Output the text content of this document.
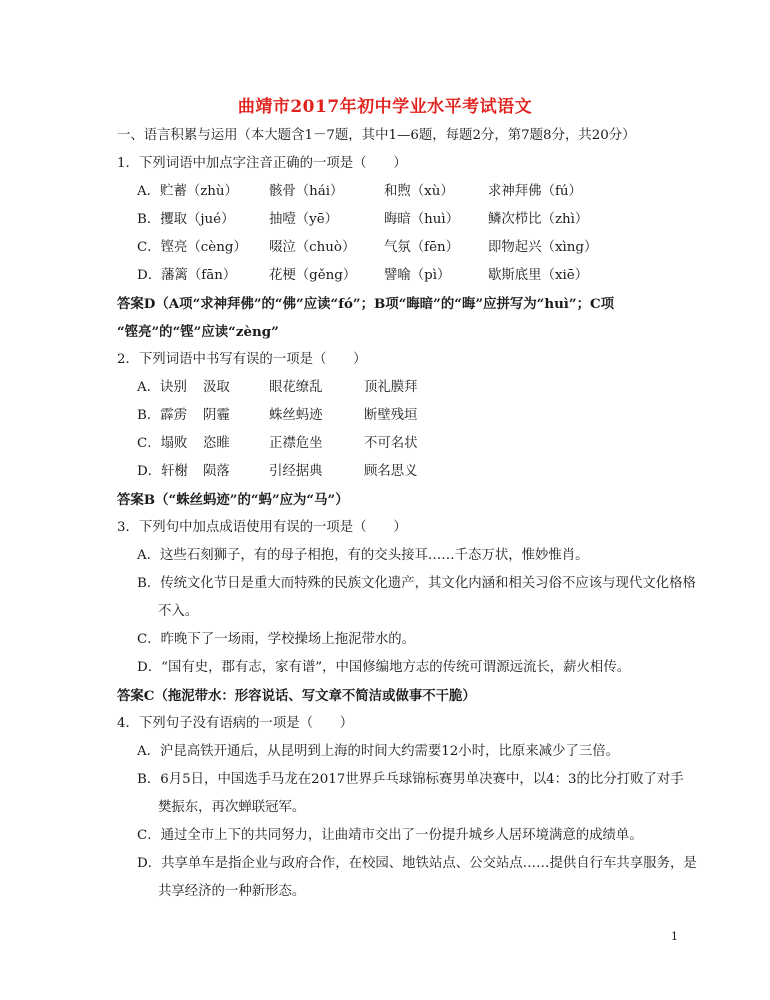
曲靖市2017年初中学业水平考试语文
一、语言积累与运用（本大题含1－7题，其中1—6题，每题2分，第7题8分，共20分）
1．下列词语中加点字注音正确的一项是（　　）
A．贮蓄（zhù） 骸骨（hái）	和煦（xù）	求神拜佛（fú）
B．攫取（jué）	抽噎（yē）	晦暗（huì） 鳞次栉比（zhì）
C．铿亮（cèng） 啜泣（chuò） 气氛（fēn） 即物起兴（xìng）
D．藩篱（fān） 花梗（gěng） 譬喻（pì）	歇斯底里（xiē）
答案D（A项“求神拜佛”的“佛”应读“fó”；B项“晦暗”的“晦”应拼写为“huì”；C项
“铿亮”的“铿”应读“zèng”
2．下列词语中书写有误的一项是（　　）
A．诀别 汲取	眼花缭乱	顶礼膜拜
B．霹雳 阴霾	蛛丝蚂迹	断壁残垣
C．塌败 恣睢	正襟危坐	不可名状
D．轩榭 陨落	引经据典	顾名思义
答案B（“蛛丝蚂迹”的“蚂”应为“马”）
3．下列句中加点成语使用有误的一项是（　　）
A．这些石刻狮子，有的母子相抱，有的交头接耳……千态万状，惟妙惟肖。
B．传统文化节日是重大而特殊的民族文化遗产，其文化内涵和相关习俗不应该与现代文化格格
不入。
C．昨晚下了一场雨，学校操场上拖泥带水的。
D．“国有史，郡有志，家有谱”，中国修编地方志的传统可谓源远流长，薪火相传。
答案C（拖泥带水：形容说话、写文章不简洁或做事不干脆）
4．下列句子没有语病的一项是（　　）
A．沪昆高铁开通后，从昆明到上海的时间大约需要12小时，比原来减少了三倍。
B．6月5日，中国选手马龙在2017世界乒乓球锦标赛男单决赛中，以4：3的比分打败了对手
樊振东，再次蝉联冠军。
C．通过全市上下的共同努力，让曲靖市交出了一份提升城乡人居环境满意的成绩单。
D．共享单车是指企业与政府合作，在校园、地铁站点、公交站点……提供自行车共享服务，是
共享经济的一种新形态。
1
